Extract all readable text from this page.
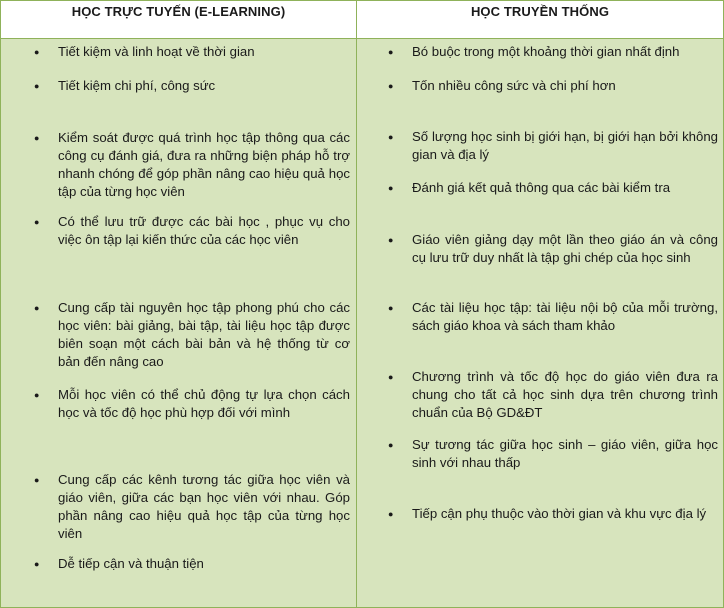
HỌC TRỰC TUYẾN (E-LEARNING)	HỌC TRUYỀN THỐNG
● Tiết kiệm và linh hoạt về thời gian
● Tiết kiệm chi phí, công sức
● Kiểm soát được quá trình học tập thông qua các công cụ đánh giá, đưa ra những biện pháp hỗ trợ nhanh chóng để góp phần nâng cao hiệu quả học tập của từng học viên
● Có thể lưu trữ được các bài học , phục vụ cho việc ôn tập lại kiến thức của các học viên
● Cung cấp tài nguyên học tập phong phú cho các học viên: bài giảng, bài tập, tài liệu học tập được biên soạn một cách bài bản và hệ thống từ cơ bản đến nâng cao
● Mỗi học viên có thể chủ động tự lựa chọn cách học và tốc độ học phù hợp đối với mình
● Cung cấp các kênh tương tác giữa học viên và giáo viên, giữa các bạn học viên với nhau. Góp phần nâng cao hiệu quả học tập của từng học viên
● Dễ tiếp cận và thuận tiện
● Bó buộc trong một khoảng thời gian nhất định
● Tốn nhiều công sức và chi phí hơn
● Số lượng học sinh bị giới hạn, bị giới hạn bởi không gian và địa lý
● Đánh giá kết quả thông qua các bài kiểm tra
● Giáo viên giảng dạy một lần theo giáo án và công cụ lưu trữ duy nhất là tập ghi chép của học sinh
● Các tài liệu học tập: tài liệu nội bộ của mỗi trường, sách giáo khoa và sách tham khảo
● Chương trình và tốc độ học do giáo viên đưa ra chung cho tất cả học sinh dựa trên chương trình chuẩn của Bộ GD&ĐT
● Sự tương tác giữa học sinh – giáo viên, giữa học sinh với nhau thấp
● Tiếp cận phụ thuộc vào thời gian và khu vực địa lý
